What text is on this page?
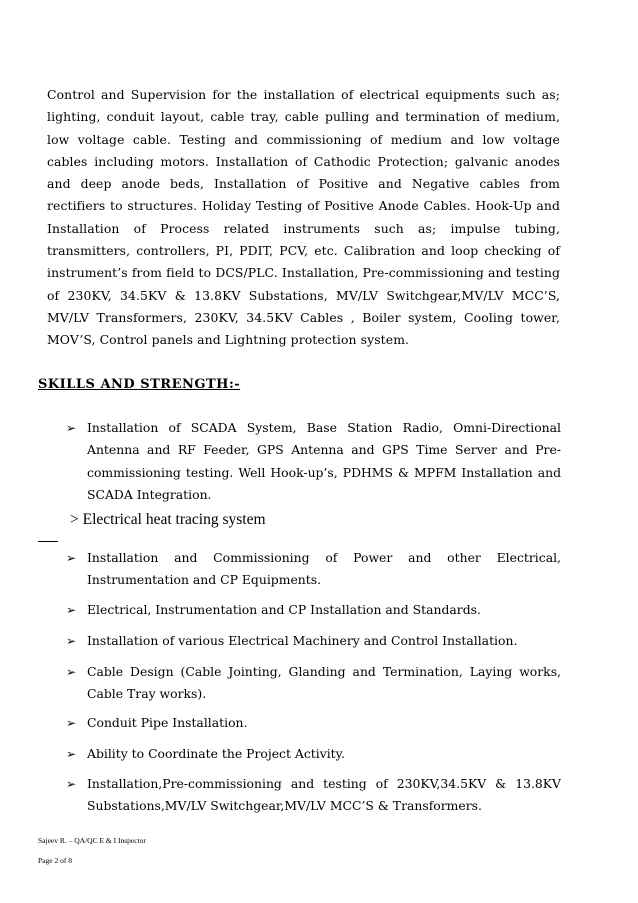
Control and Supervision for the installation of electrical equipments such as; lighting, conduit layout, cable tray, cable pulling and termination of medium, low voltage cable. Testing and commissioning of medium and low voltage cables including motors. Installation of Cathodic Protection; galvanic anodes and deep anode beds, Installation of Positive and Negative cables from rectifiers to structures. Holiday Testing of Positive Anode Cables. Hook-Up and Installation of Process related instruments such as; impulse tubing, transmitters, controllers, PI, PDIT, PCV, etc. Calibration and loop checking of instrument’s from field to DCS/PLC. Installation, Pre-commissioning and testing of 230KV, 34.5KV & 13.8KV Substations, MV/LV Switchgear,MV/LV MCC’S, MV/LV Transformers, 230KV, 34.5KV Cables , Boiler system, Cooling tower, MOV’S, Control panels and Lightning protection system.

SKILLS AND STRENGTH:-
➢ Installation of SCADA System, Base Station Radio, Omni-Directional Antenna and RF Feeder, GPS Antenna and GPS Time Server and Pre-commissioning testing. Well Hook-up’s, PDHMS & MPFM Installation and SCADA Integration.
> Electrical heat tracing system
➢ Installation and Commissioning of Power and other Electrical, Instrumentation and CP Equipments.
➢ Electrical, Instrumentation and CP Installation and Standards.
➢ Installation of various Electrical Machinery and Control Installation.
➢ Cable Design (Cable Jointing, Glanding and Termination, Laying works, Cable Tray works).
➢ Conduit Pipe Installation.
➢ Ability to Coordinate the Project Activity.
➢ Installation,Pre-commissioning and testing of 230KV,34.5KV & 13.8KV Substations,MV/LV Switchgear,MV/LV MCC’S & Transformers.
Sajeev R. – QA/QC E & I Inspector
Page 2 of 8
